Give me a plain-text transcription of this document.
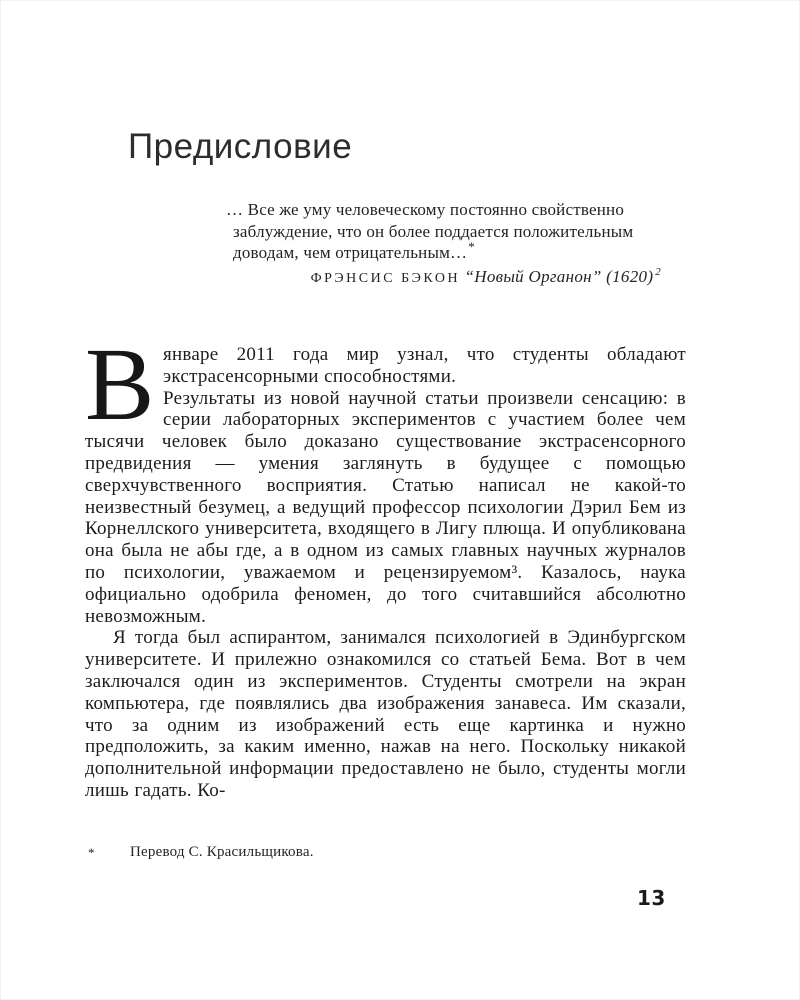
Предисловие
… Все же уму человеческому постоянно свойственно заблуждение, что он более поддается положительным доводам, чем отрицательным…*
ФРЭНСИС БЭКОН “Новый Органон” (1620) $^2$
В январе 2011 года мир узнал, что студенты обладают экстрасенсорными способностями.

Результаты из новой научной статьи произвели сенсацию: в серии лабораторных экспериментов с участием более чем тысячи человек было доказано существование экстрасенсорного предвидения — умения заглянуть в будущее с помощью сверхчувственного восприятия. Статью написал не какой-то неизвестный безумец, а ведущий профессор психологии Дэрил Бем из Корнеллского университета, входящего в Лигу плюща. И опубликована она была не абы где, а в одном из самых главных научных журналов по психологии, уважаемом и рецензируемом³. Казалось, наука официально одобрила феномен, до того считавшийся абсолютно невозможным.

Я тогда был аспирантом, занимался психологией в Эдинбургском университете. И прилежно ознакомился со статьей Бема. Вот в чем заключался один из экспериментов. Студенты смотрели на экран компьютера, где появлялись два изображения занавеса. Им сказали, что за одним из изображений есть еще картинка и нужно предположить, за каким именно, нажав на него. Поскольку никакой дополнительной информации предоставлено не было, студенты могли лишь гадать. Ко-

*	Перевод С. Красильщикова.
13
